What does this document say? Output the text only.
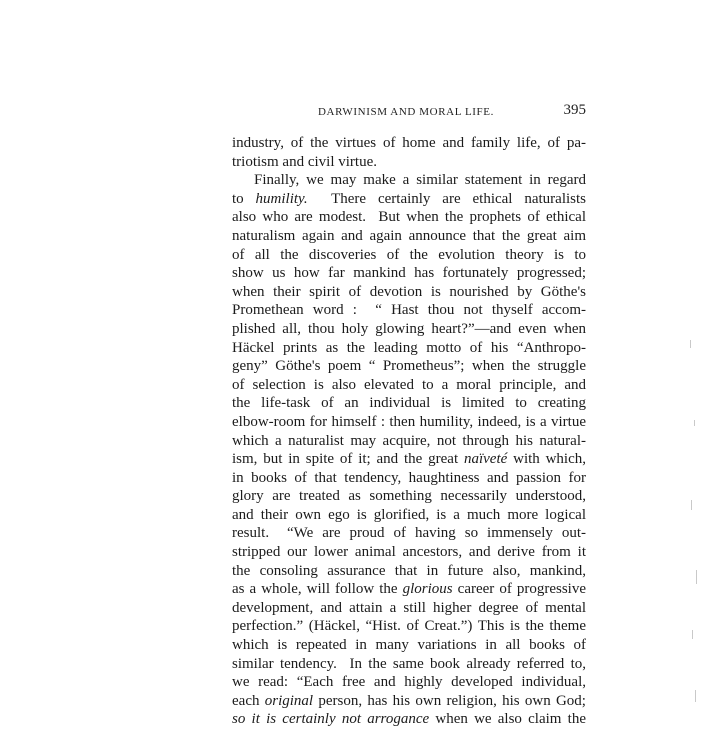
DARWINISM AND MORAL LIFE.	395
industry, of the virtues of home and family life, of pa-
triotism and civil virtue.
Finally, we may make a similar statement in regard
to humility.  There certainly are ethical naturalists
also who are modest.  But when the prophets of ethical
naturalism again and again announce that the great aim
of all the discoveries of the evolution theory is to
show us how far mankind has fortunately progressed;
when their spirit of devotion is nourished by Göthe's
Promethean word :  “ Hast thou not thyself accom-
plished all, thou holy glowing heart?”—and even when
Häckel prints as the leading motto of his “Anthropo-
geny” Göthe's poem “ Prometheus”; when the struggle
of selection is also elevated to a moral principle, and
the life-task of an individual is limited to creating
elbow-room for himself : then humility, indeed, is a virtue
which a naturalist may acquire, not through his natural-
ism, but in spite of it; and the great naïveté with which,
in books of that tendency, haughtiness and passion for
glory are treated as something necessarily understood,
and their own ego is glorified, is a much more logical
result.  “We are proud of having so immensely out-
stripped our lower animal ancestors, and derive from it
the consoling assurance that in future also, mankind,
as a whole, will follow the glorious career of progressive
development, and attain a still higher degree of mental
perfection.” (Häckel, “Hist. of Creat.”) This is the theme
which is repeated in many variations in all books of
similar tendency.  In the same book already referred to,
we read: “Each free and highly developed individual,
each original person, has his own religion, his own God;
so it is certainly not arrogance when we also claim the
